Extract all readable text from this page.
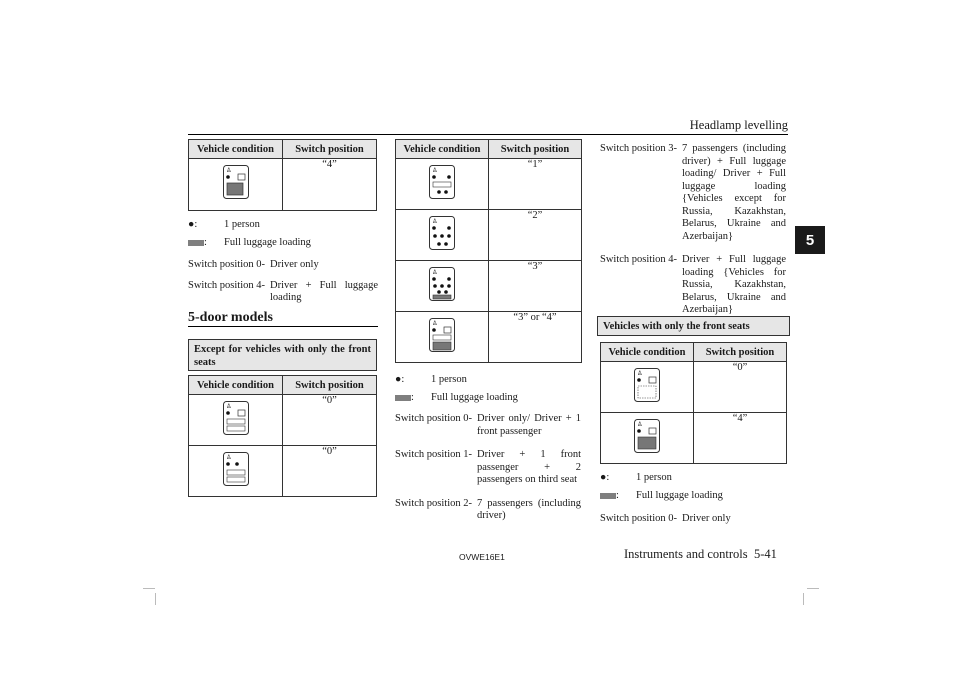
Headlamp levelling
5
Vehicle condition	Switch position

♙	“4”
●:	1 person
: Full luggage loading
Switch position 0- Driver only
Switch position 4- Driver + Full luggage loading
5-door models
Except for vehicles with only the front seats
Vehicle condition	Switch position

♙	“0”

♙	“0”
Vehicle condition	Switch position

♙	“1”

♙	“2”

♙	“3”

♙	“3” or “4”
●:	1 person
: Full luggage loading
Switch position 0- Driver only/ Driver + 1 front passenger
Switch position 1- Driver + 1 front passenger + 2 passengers on third seat
Switch position 2- 7 passengers (including driver)
Switch position 3- 7 passengers (including driver) + Full luggage loading/ Driver + Full luggage loading {Vehicles except for Russia, Kazakhstan, Belarus, Ukraine and Azerbaijan}
Switch position 4- Driver + Full luggage loading {Vehicles for Russia, Kazakhstan, Belarus, Ukraine and Azerbaijan}
Vehicles with only the front seats
Vehicle condition	Switch position

♙	“0”

♙	“4”
●:	1 person
: Full luggage loading
Switch position 0- Driver only
OVWE16E1	Instruments and controls 5-41
